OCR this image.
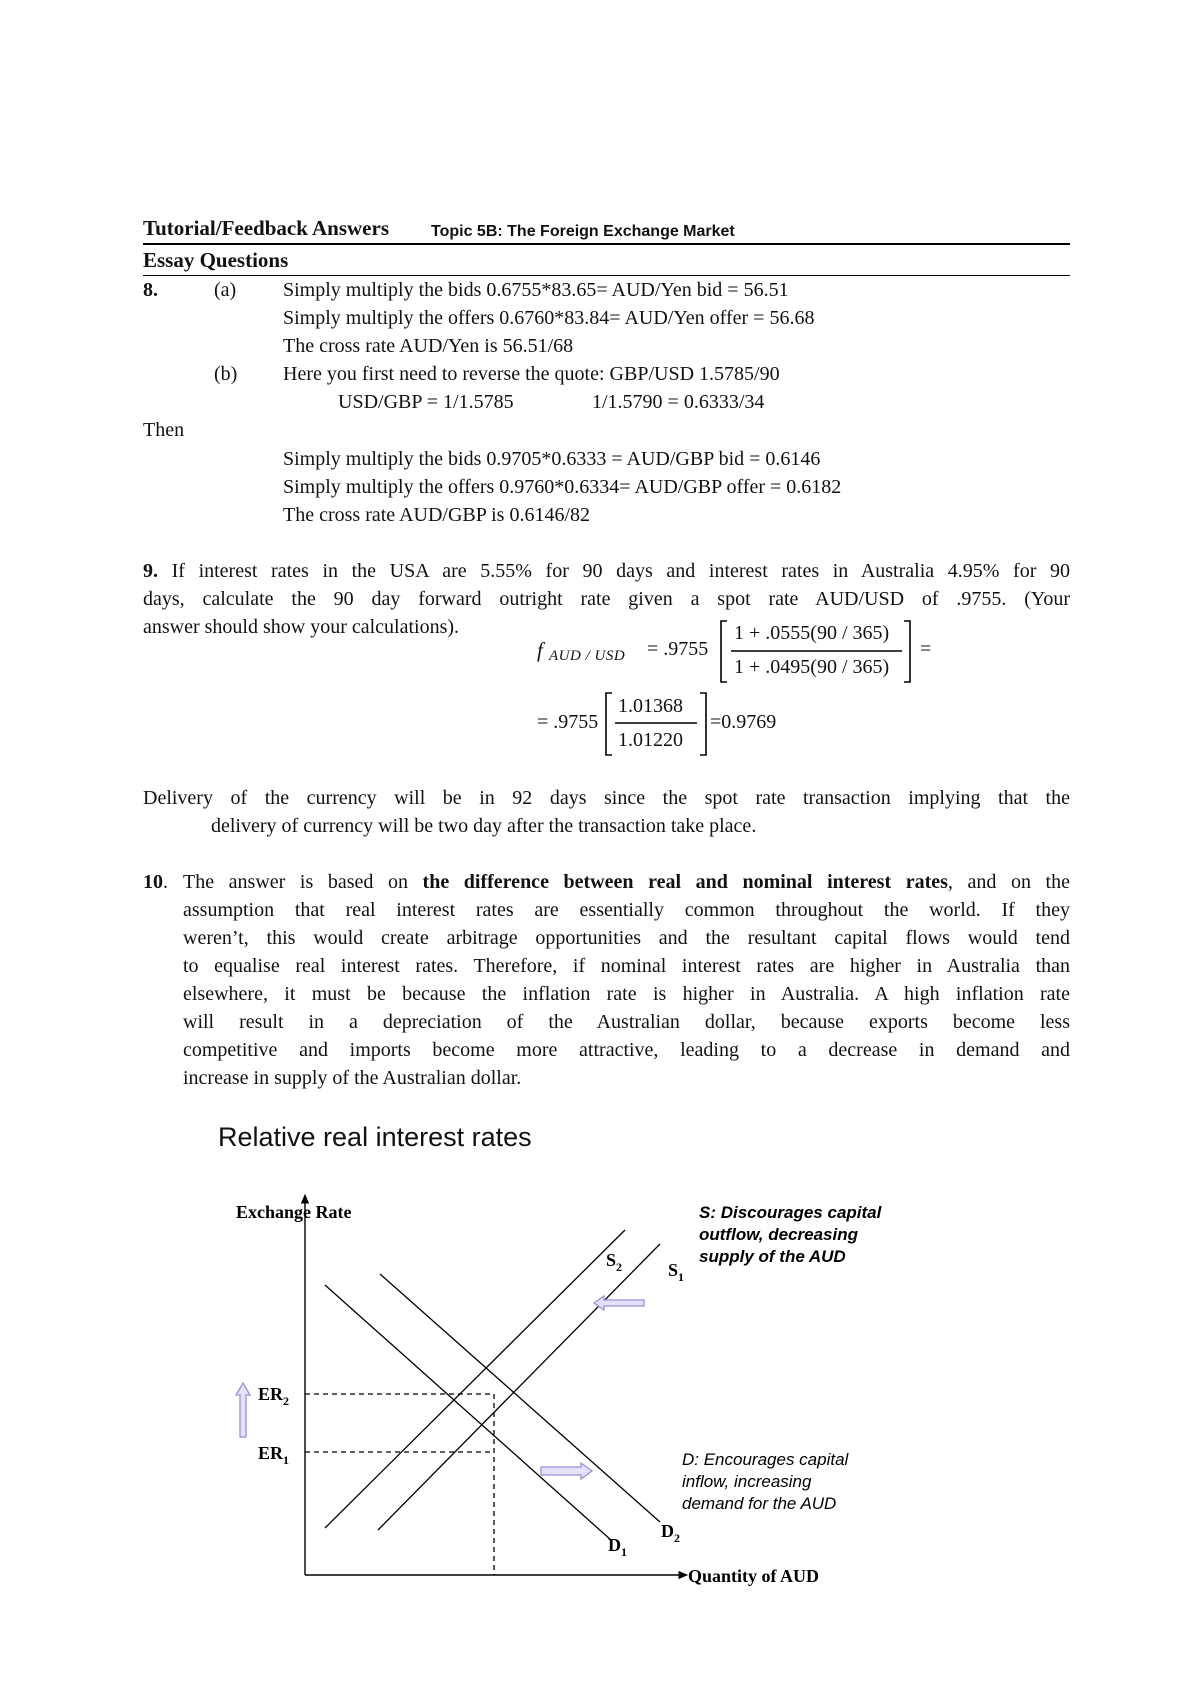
Tutorial/Feedback Answers	Topic 5B: The Foreign Exchange Market
Essay Questions
8.	(a) Simply multiply the bids 0.6755*83.65= AUD/Yen bid = 56.51
Simply multiply the offers 0.6760*83.84= AUD/Yen offer = 56.68
The cross rate AUD/Yen is 56.51/68
(b) Here you first need to reverse the quote: GBP/USD 1.5785/90
USD/GBP = 1/1.5785	1/1.5790 = 0.6333/34
Then
Simply multiply the bids 0.9705*0.6333 = AUD/GBP bid = 0.6146
Simply multiply the offers 0.9760*0.6334= AUD/GBP offer = 0.6182
The cross rate AUD/GBP is 0.6146/82
9. If interest rates in the USA are 5.55% for 90 days and interest rates in Australia 4.95% for 90
days, calculate the 90 day forward outright rate given a spot rate AUD/USD of .9755. (Your
answer should show your calculations).
f AUD / USD = .9755
1 + .0555(90 / 365)
1 + .0495(90 / 365)
=
= .9755
1.01368
1.01220
=0.9769
Delivery of the currency will be in 92 days since the spot rate transaction implying that the
delivery of currency will be two day after the transaction take place.
10. The answer is based on the difference between real and nominal interest rates, and on the
assumption that real interest rates are essentially common throughout the world. If they
weren’t, this would create arbitrage opportunities and the resultant capital flows would tend
to equalise real interest rates. Therefore, if nominal interest rates are higher in Australia than
elsewhere, it must be because the inflation rate is higher in Australia. A high inflation rate
will result in a depreciation of the Australian dollar, because exports become less
competitive and imports become more attractive, leading to a decrease in demand and
increase in supply of the Australian dollar.
Relative real interest rates
Exchange Rate
Quantity of AUD
$S_2$	$S_1$
$D_1$
$D_2$
$ER_2$
$ER_1$
S: Discourages capital
outflow, decreasing
supply of the AUD
D: Encourages capital
inflow, increasing
demand for the AUD
